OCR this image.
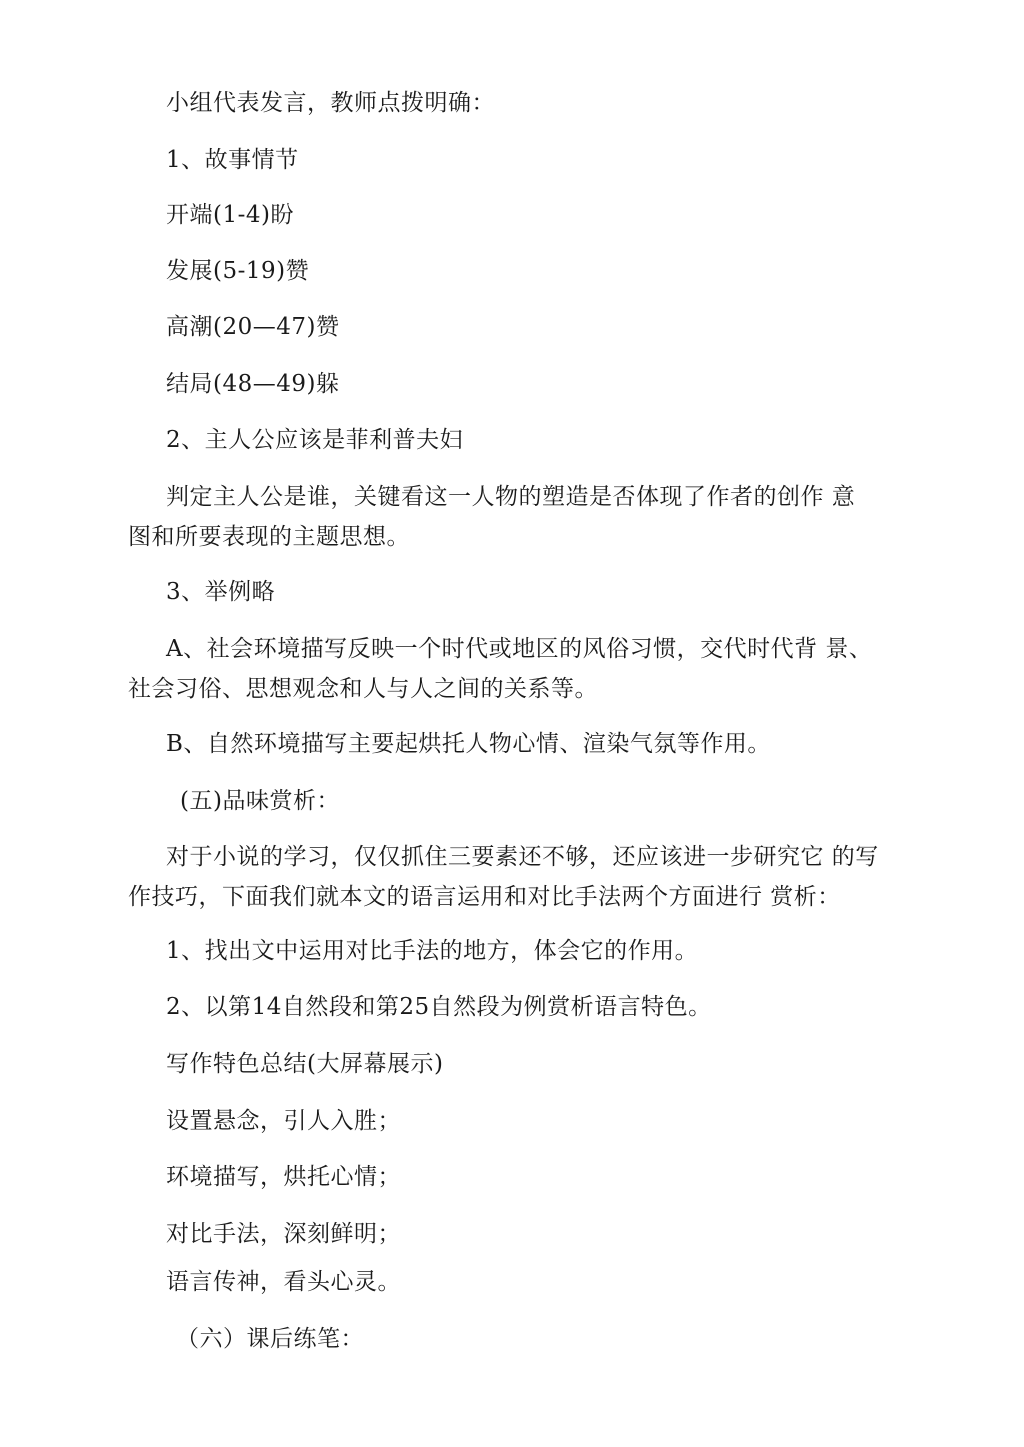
小组代表发言，教师点拨明确：
1、故事情节
开端(1-4)盼
发展(5-19)赞
高潮(20—47)赞
结局(48—49)躲
2、主人公应该是菲利普夫妇
判定主人公是谁，关键看这一人物的塑造是否体现了作者的创作 意
图和所要表现的主题思想。
3、举例略
A、社会环境描写反映一个时代或地区的风俗习惯，交代时代背 景、
社会习俗、思想观念和人与人之间的关系等。
B、自然环境描写主要起烘托人物心情、渲染气氛等作用。
(五)品味赏析：
对于小说的学习，仅仅抓住三要素还不够，还应该进一步研究它 的写
作技巧，下面我们就本文的语言运用和对比手法两个方面进行 赏析：
1、找出文中运用对比手法的地方，体会它的作用。
2、以第14自然段和第25自然段为例赏析语言特色。
写作特色总结(大屏幕展示)
设置悬念，引人入胜；
环境描写，烘托心情；
对比手法，深刻鲜明；
语言传神，看头心灵。
（六）课后练笔：
